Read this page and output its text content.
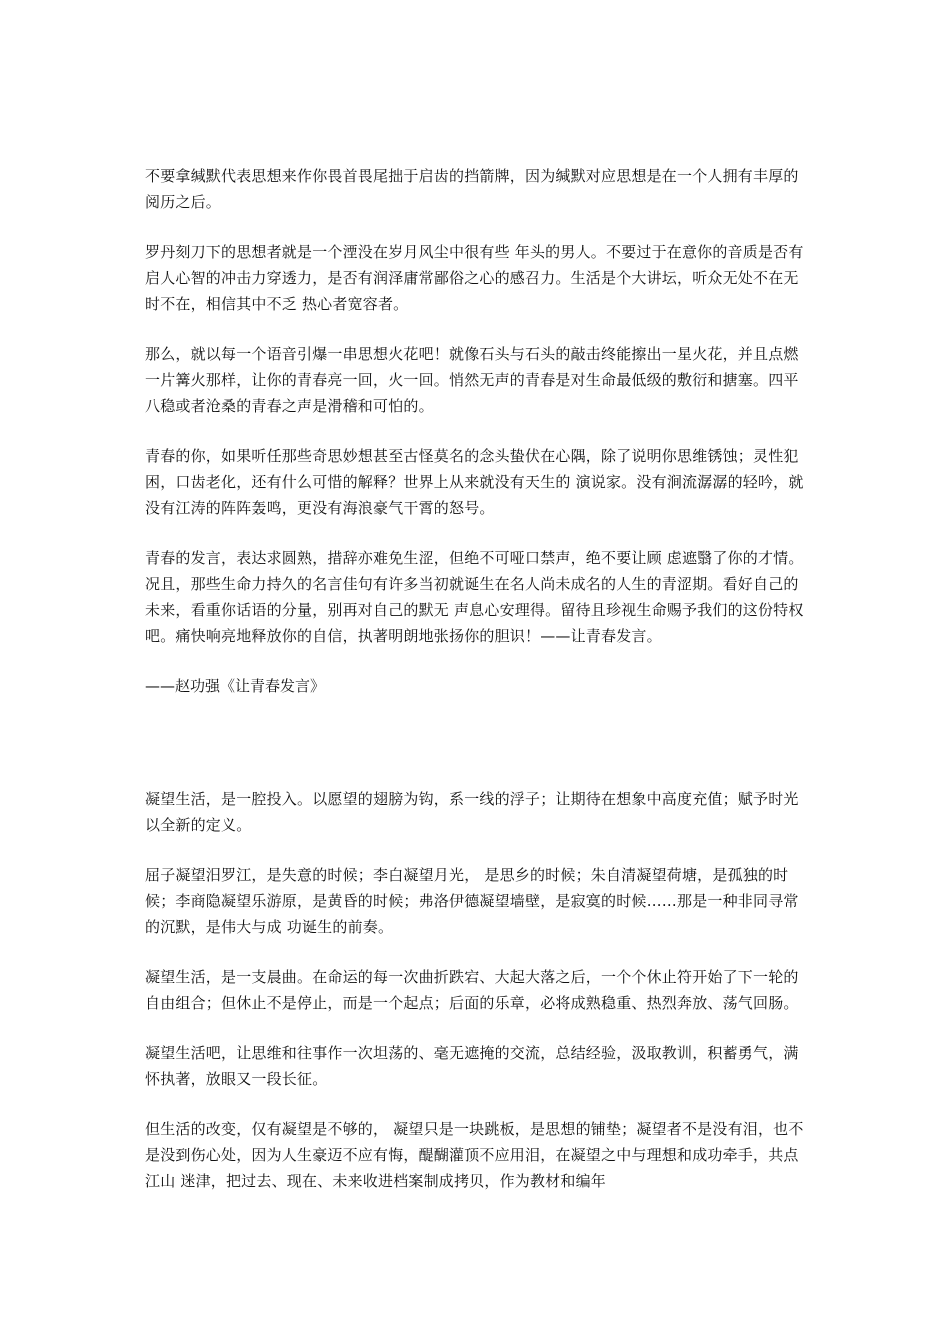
不要拿缄默代表思想来作你畏首畏尾拙于启齿的挡箭牌，因为缄默对应思想是在一个人拥有丰厚的阅历之后。

罗丹刻刀下的思想者就是一个湮没在岁月风尘中很有些 年头的男人。不要过于在意你的音质是否有启人心智的冲击力穿透力，是否有润泽庸常鄙俗之心的感召力。生活是个大讲坛，听众无处不在无时不在，相信其中不乏 热心者宽容者。

那么，就以每一个语音引爆一串思想火花吧！就像石头与石头的敲击终能擦出一星火花，并且点燃一片篝火那样，让你的青春亮一回，火一回。悄然无声的青春是对生命最低级的敷衍和搪塞。四平八稳或者沧桑的青春之声是滑稽和可怕的。

青春的你，如果听任那些奇思妙想甚至古怪莫名的念头蛰伏在心隅，除了说明你思维锈蚀；灵性犯困，口齿老化，还有什么可惜的解释？世界上从来就没有天生的 演说家。没有涧流潺潺的轻吟，就没有江涛的阵阵轰鸣，更没有海浪豪气干霄的怒号。

青春的发言，表达求圆熟，措辞亦难免生涩，但绝不可哑口禁声，绝不要让顾 虑遮翳了你的才情。况且，那些生命力持久的名言佳句有许多当初就诞生在名人尚未成名的人生的青涩期。看好自己的未来，看重你话语的分量，别再对自己的默无 声息心安理得。留待且珍视生命赐予我们的这份特权吧。痛快响亮地释放你的自信，执著明朗地张扬你的胆识！——让青春发言。

——赵功强《让青春发言》

凝望生活，是一腔投入。以愿望的翅膀为钩，系一线的浮子；让期待在想象中高度充值；赋予时光以全新的定义。

屈子凝望汨罗江，是失意的时候；李白凝望月光， 是思乡的时候；朱自清凝望荷塘，是孤独的时候；李商隐凝望乐游原，是黄昏的时候；弗洛伊德凝望墙壁，是寂寞的时候……那是一种非同寻常的沉默，是伟大与成 功诞生的前奏。

凝望生活，是一支晨曲。在命运的每一次曲折跌宕、大起大落之后，一个个休止符开始了下一轮的自由组合；但休止不是停止，而是一个起点；后面的乐章，必将成熟稳重、热烈奔放、荡气回肠。

凝望生活吧，让思维和往事作一次坦荡的、毫无遮掩的交流，总结经验，汲取教训，积蓄勇气，满怀执著，放眼又一段长征。

但生活的改变，仅有凝望是不够的， 凝望只是一块跳板，是思想的铺垫；凝望者不是没有泪，也不是没到伤心处，因为人生豪迈不应有悔，醍醐灌顶不应用泪，在凝望之中与理想和成功牵手，共点江山 迷津，把过去、现在、未来收进档案制成拷贝，作为教材和编年
